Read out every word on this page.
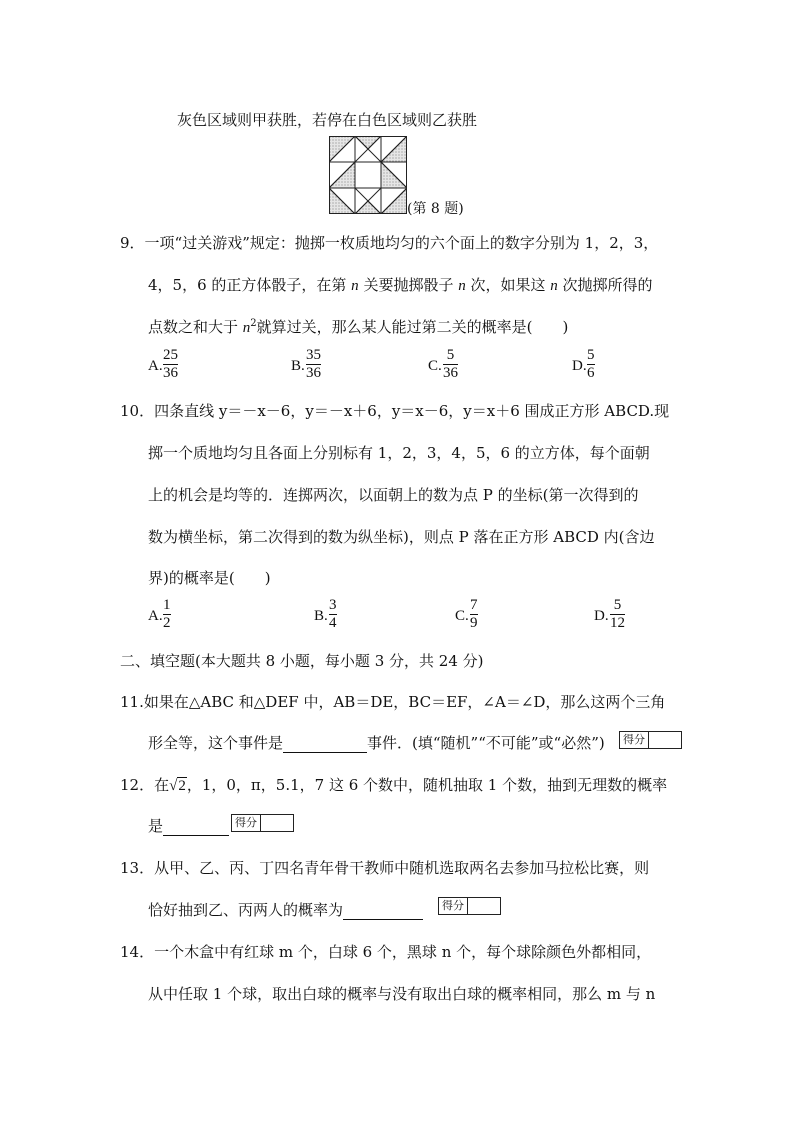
灰色区域则甲获胜，若停在白色区域则乙获胜
(第 8 题)
9．一项“过关游戏”规定：抛掷一枚质地均匀的六个面上的数字分别为 1，2，3，
4，5，6 的正方体骰子，在第 n 关要抛掷骰子 n 次，如果这 n 次抛掷所得的
点数之和大于 $n^2$就算过关，那么某人能过第二关的概率是(　　)
A.
25
36	B.
35
36	C.
5
36	D.
5
6
10．四条直线 y＝－x－6，y＝－x＋6，y＝x－6，y＝x＋6 围成正方形 ABCD.现
掷一个质地均匀且各面上分别标有 1，2，3，4，5，6 的立方体，每个面朝
上的机会是均等的．连掷两次，以面朝上的数为点 P 的坐标(第一次得到的
数为横坐标，第二次得到的数为纵坐标)，则点 P 落在正方形 ABCD 内(含边
界)的概率是(　　)
A.
1
2	B.
3
4	C.
7
9	D.
5
12
二、填空题(本大题共 8 小题，每小题 3 分，共 24 分)
11.如果在△ABC 和△DEF 中，AB＝DE，BC＝EF，∠A＝∠D，那么这两个三角
形全等，这个事件是	事件．(填“随机”“不可能”或“必然”) 得分
12．在√2，1，0，π，5.1，7 这 6 个数中，随机抽取 1 个数，抽到无理数的概率
是	得分
13．从甲、乙、丙、丁四名青年骨干教师中随机选取两名去参加马拉松比赛，则
恰好抽到乙、丙两人的概率为	得分
14．一个木盒中有红球 m 个，白球 6 个，黑球 n 个，每个球除颜色外都相同，
从中任取 1 个球，取出白球的概率与没有取出白球的概率相同，那么 m 与 n
